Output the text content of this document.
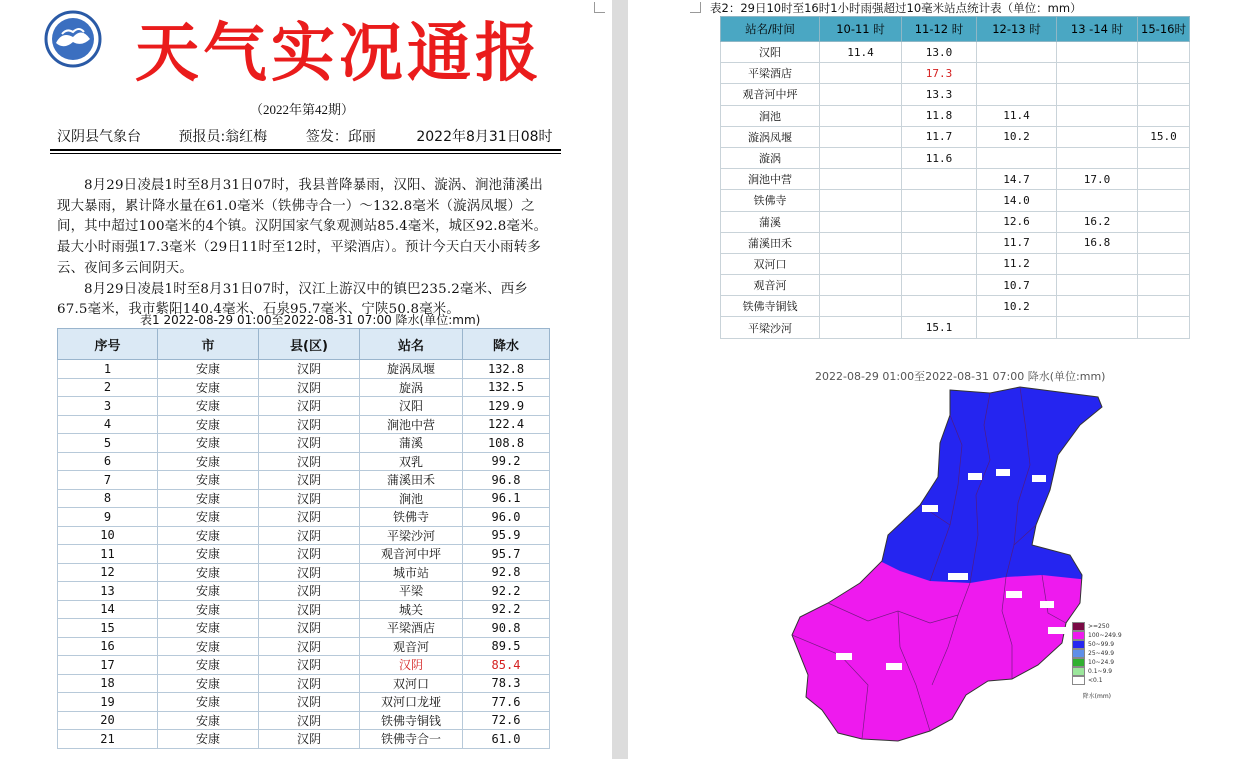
天气实况通报
（2022年第42期）
汉阴县气象台	预报员:翁红梅	签发：邱丽	2022年8月31日08时

8月29日凌晨1时至8月31日07时，我县普降暴雨，汉阳、漩涡、涧池蒲溪出现大暴雨，累计降水量在61.0毫米（铁佛寺合一）～132.8毫米（漩涡凤堰）之间，其中超过100毫米的4个镇。汉阴国家气象观测站85.4毫米，城区92.8毫米。最大小时雨强17.3毫米（29日11时至12时，平梁酒店）。预计今天白天小雨转多云、夜间多云间阴天。

8月29日凌晨1时至8月31日07时，汉江上游汉中的镇巴235.2毫米、西乡67.5毫米，我市紫阳140.4毫米、石泉95.7毫米、宁陕50.8毫米。

表1 2022-08-29 01:00至2022-08-31 07:00 降水(单位:mm)
序号	市	县(区)	站名	降水
1	安康	汉阴	旋涡凤堰	132.8
2	安康	汉阴	旋涡	132.5
3	安康	汉阴	汉阳	129.9
4	安康	汉阴	涧池中营	122.4
5	安康	汉阴	蒲溪	108.8
6	安康	汉阴	双乳	99.2
7	安康	汉阴	蒲溪田禾	96.8
8	安康	汉阴	涧池	96.1
9	安康	汉阴	铁佛寺	96.0
10	安康	汉阴	平梁沙河	95.9
11	安康	汉阴	观音河中坪	95.7
12	安康	汉阴	城市站	92.8
13	安康	汉阴	平梁	92.2
14	安康	汉阴	城关	92.2
15	安康	汉阴	平梁酒店	90.8
16	安康	汉阴	观音河	89.5
17	安康	汉阴	汉阴	85.4
18	安康	汉阴	双河口	78.3
19	安康	汉阴	双河口龙垭	77.6
20	安康	汉阴	铁佛寺铜钱	72.6
21	安康	汉阴	铁佛寺合一	61.0
表2：29日10时至16时1小时雨强超过10毫米站点统计表（单位：mm）
站名/时间	10-11 时	11-12 时	12-13 时	13 -14 时	15-16时
汉阳	11.4	13.0			
平梁酒店		17.3			
观音河中坪		13.3			
涧池		11.8	11.4		
漩涡凤堰		11.7	10.2		15.0
漩涡		11.6			
涧池中营			14.7	17.0	
铁佛寺			14.0		
蒲溪			12.6	16.2	
蒲溪田禾			11.7	16.8	
双河口			11.2		
观音河			10.7		
铁佛寺铜钱			10.2		
平梁沙河		15.1			
2022-08-29 01:00至2022-08-31 07:00 降水(单位:mm)
>=250
100~249.9
50~99.9
25~49.9
10~24.9
0.1~9.9
<0.1
降水(mm)
